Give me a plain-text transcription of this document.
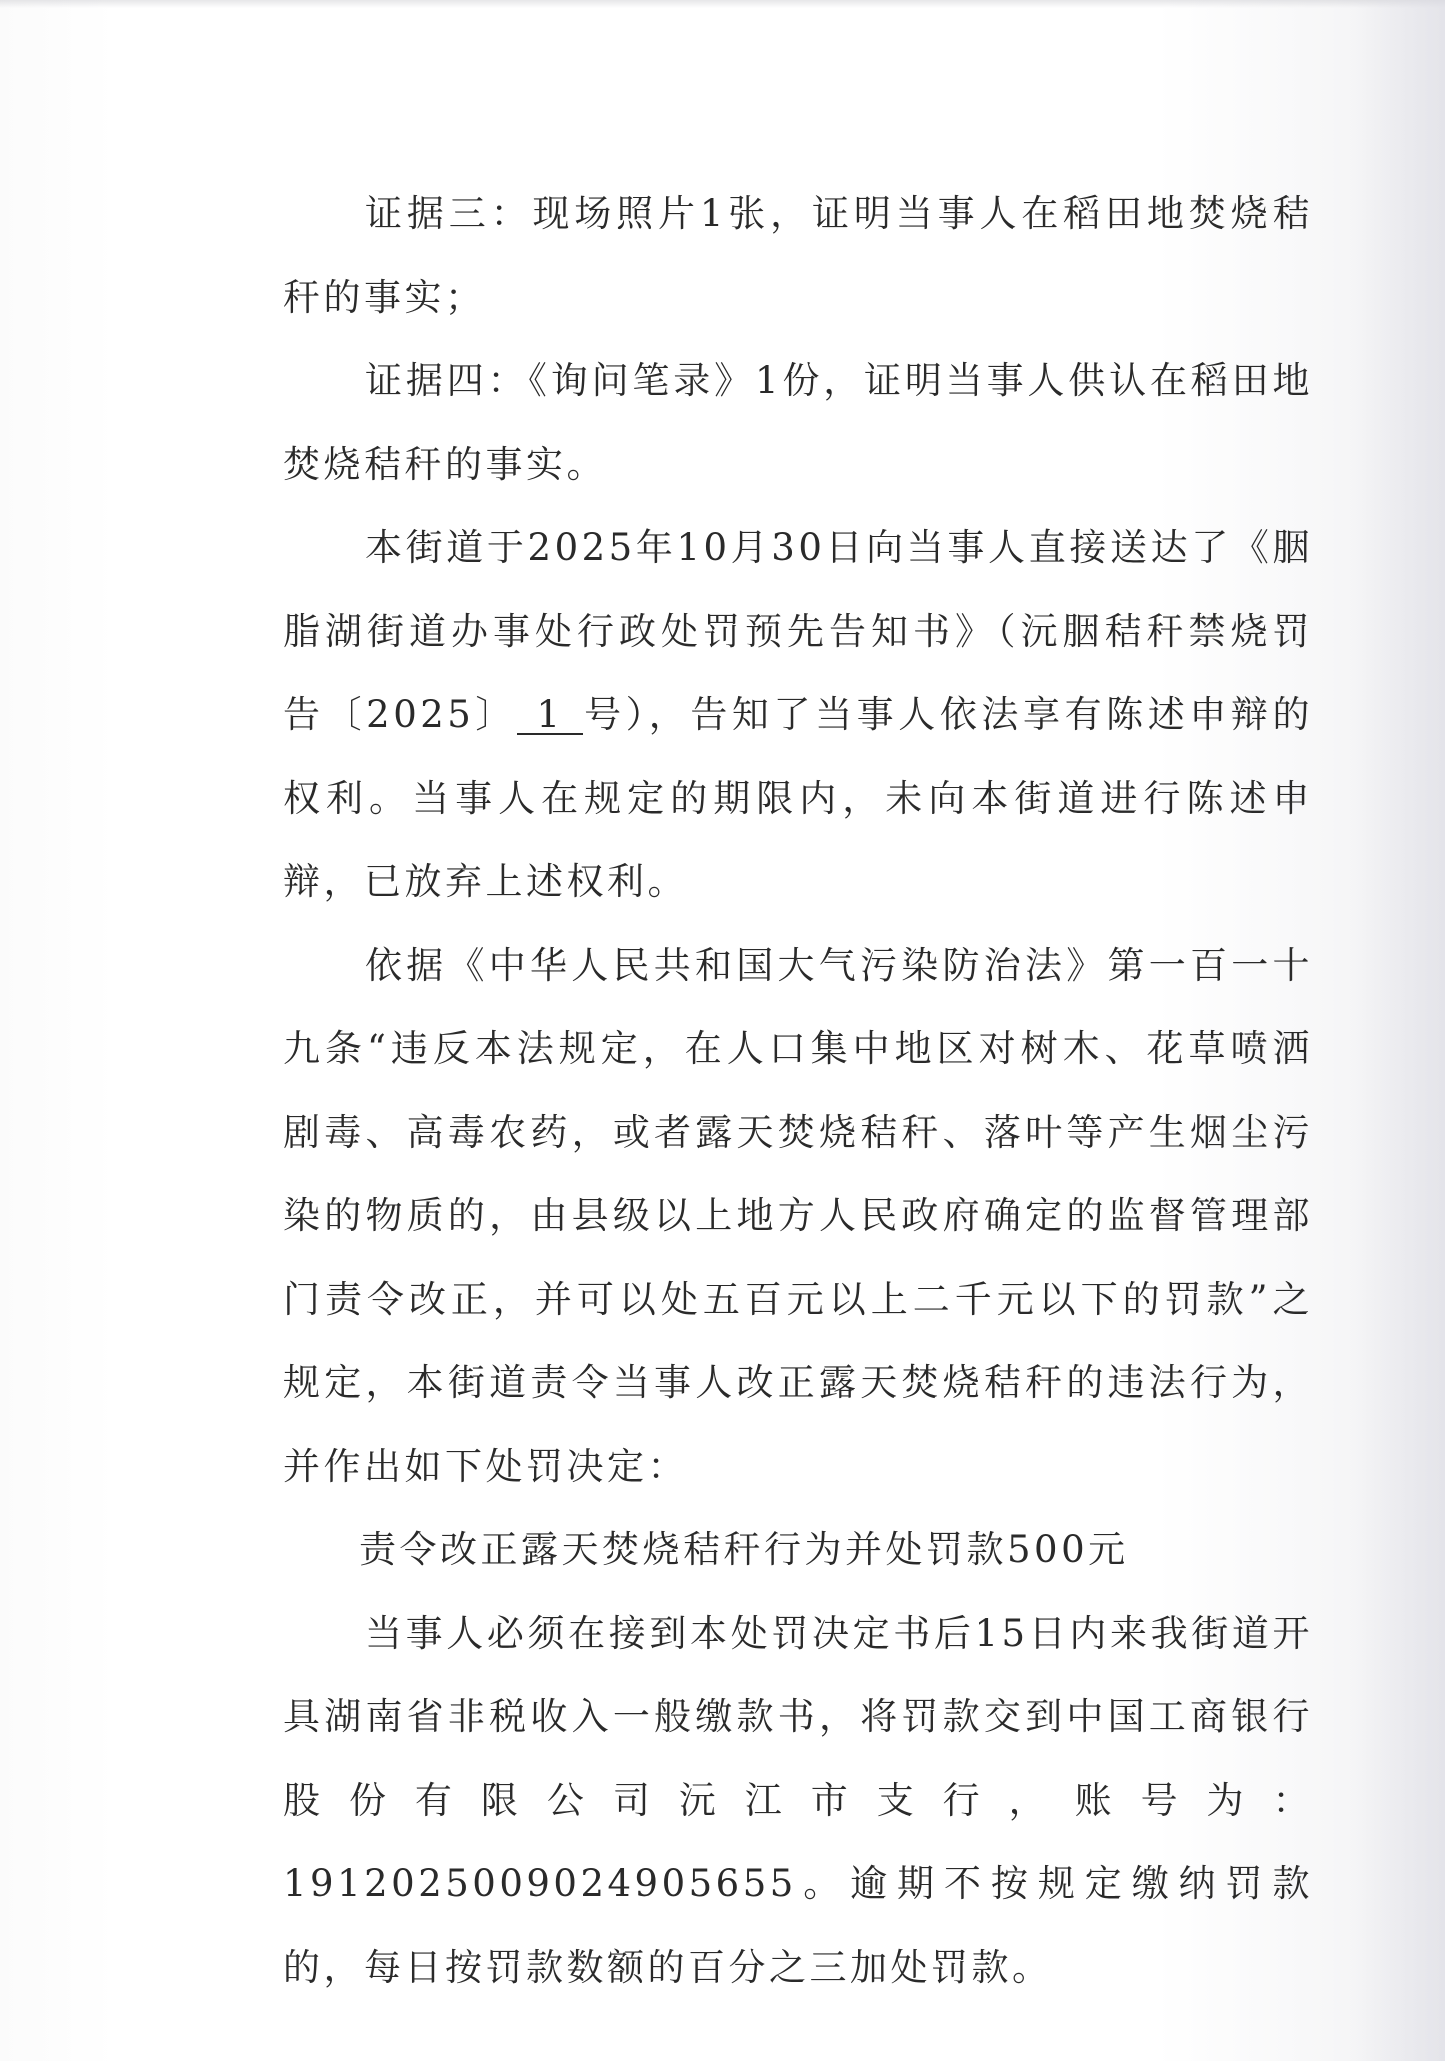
证据三：现场照片1张，证明当事人在稻田地焚烧秸秆的事实；

证据四：《询问笔录》1份，证明当事人供认在稻田地焚烧秸秆的事实。

本街道于2025年10月30日向当事人直接送达了《胭脂湖街道办事处行政处罚预先告知书》（沅胭秸秆禁烧罚告〔2025〕 1 号），告知了当事人依法享有陈述申辩的权利。当事人在规定的期限内，未向本街道进行陈述申辩，已放弃上述权利。

依据《中华人民共和国大气污染防治法》第一百一十九条“违反本法规定，在人口集中地区对树木、花草喷洒剧毒、高毒农药，或者露天焚烧秸秆、落叶等产生烟尘污染的物质的，由县级以上地方人民政府确定的监督管理部门责令改正，并可以处五百元以上二千元以下的罚款”之规定，本街道责令当事人改正露天焚烧秸秆的违法行为，并作出如下处罚决定：

责令改正露天焚烧秸秆行为并处罚款500元

当事人必须在接到本处罚决定书后15日内来我街道开具湖南省非税收入一般缴款书，将罚款交到中国工商银行股份有限公司沅江市支行，账号为：1912025009024905655。逾期不按规定缴纳罚款的，每日按罚款数额的百分之三加处罚款。
